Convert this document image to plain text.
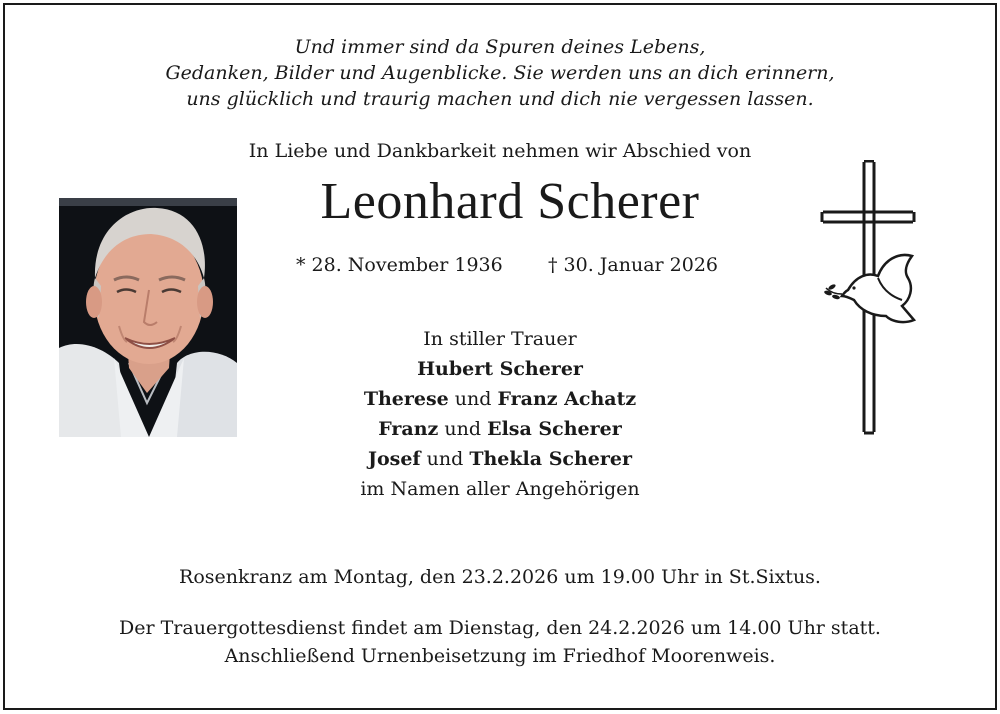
Und immer sind da Spuren deines Lebens,
Gedanken, Bilder und Augenblicke. Sie werden uns an dich erinnern,
uns glücklich und traurig machen und dich nie vergessen lassen.
In Liebe und Dankbarkeit nehmen wir Abschied von
Leonhard Scherer
* 28. November 1936 † 30. Januar 2026
In stiller Trauer
Hubert Scherer
Therese und Franz Achatz
Franz und Elsa Scherer
Josef und Thekla Scherer
im Namen aller Angehörigen
Rosenkranz am Montag, den 23.2.2026 um 19.00 Uhr in St.Sixtus.
Der Trauergottesdienst findet am Dienstag, den 24.2.2026 um 14.00 Uhr statt.
Anschließend Urnenbeisetzung im Friedhof Moorenweis.
